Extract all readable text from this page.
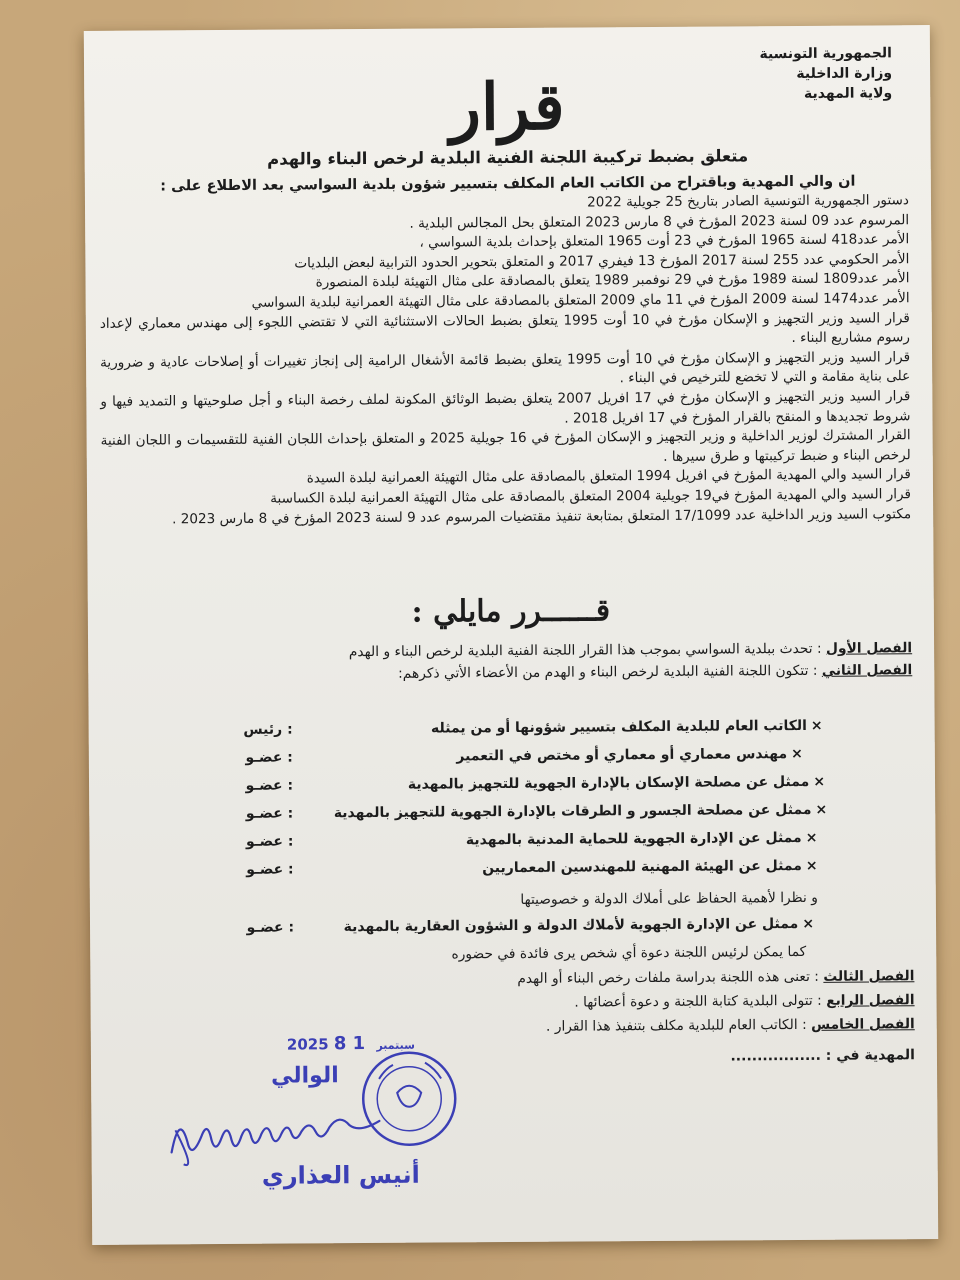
الجمهورية التونسية
وزارة الداخلية
ولاية المهدية
قرار
متعلق بضبط تركيبة اللجنة الفنية البلدية لرخص البناء والهدم
ان والي المهدية وباقتراح من الكاتب العام المكلف بتسيير شؤون بلدية السواسي بعد الاطلاع على :

دستور الجمهورية التونسية الصادر بتاريخ 25 جويلية 2022

المرسوم عدد 09 لسنة 2023 المؤرخ في 8 مارس 2023 المتعلق بحل المجالس البلدية .

الأمر عدد418 لسنة 1965 المؤرخ في 23 أوت 1965 المتعلق بإحداث بلدية السواسي ،

الأمر الحكومي عدد 255 لسنة 2017 المؤرخ 13 فيفري 2017 و المتعلق بتحوير الحدود الترابية لبعض البلديات

الأمر عدد1809 لسنة 1989 مؤرخ في 29 نوفمبر 1989 يتعلق بالمصادقة على مثال التهيئة لبلدة المنصورة

الأمر عدد1474 لسنة 2009 المؤرخ في 11 ماي 2009 المتعلق بالمصادقة على مثال التهيئة العمرانية لبلدية السواسي

قرار السيد وزير التجهيز و الإسكان مؤرخ في 10 أوت 1995 يتعلق بضبط الحالات الاستثنائية التي لا تقتضي اللجوء إلى مهندس معماري لإعداد رسوم مشاريع البناء .

قرار السيد وزير التجهيز و الإسكان مؤرخ في 10 أوت 1995 يتعلق بضبط قائمة الأشغال الرامية إلى إنجاز تغييرات أو إصلاحات عادية و ضرورية على بناية مقامة و التي لا تخضع للترخيص في البناء .

قرار السيد وزير التجهيز و الإسكان مؤرخ في 17 افريل 2007 يتعلق بضبط الوثائق المكونة لملف رخصة البناء و أجل صلوحيتها و التمديد فيها و شروط تجديدها و المنقح بالقرار المؤرخ في 17 افريل 2018 .

القرار المشترك لوزير الداخلية و وزير التجهيز و الإسكان المؤرخ في 16 جويلية 2025 و المتعلق بإحداث اللجان الفنية للتقسيمات و اللجان الفنية لرخص البناء و ضبط تركيبتها و طرق سيرها .

قرار السيد والي المهدية المؤرخ في افريل 1994 المتعلق بالمصادقة على مثال التهيئة العمرانية لبلدة السيدة

قرار السيد والي المهدية المؤرخ في19 جويلية 2004 المتعلق بالمصادقة على مثال التهيئة العمرانية لبلدة الكساسبة

مكتوب السيد وزير الداخلية عدد 17/1099 المتعلق بمتابعة تنفيذ مقتضيات المرسوم عدد 9 لسنة 2023 المؤرخ في 8 مارس 2023 .

قــــــرر مايلي :
الفصل الأول : تحدث ببلدية السواسي بموجب هذا القرار اللجنة الفنية البلدية لرخص البناء و الهدم
الفصل الثاني : تتكون اللجنة الفنية البلدية لرخص البناء و الهدم من الأعضاء الأتي ذكرهم:
×الكاتب العام للبلدية المكلف بتسيير شؤونها أو من يمثله
: رئيس
×مهندس معماري أو معماري أو مختص في التعمير
: عضـو
×ممثل عن مصلحة الإسكان بالإدارة الجهوية للتجهيز بالمهدية
: عضـو
×ممثل عن مصلحة الجسور و الطرقات بالإدارة الجهوية للتجهيز بالمهدية
: عضـو
×ممثل عن الإدارة الجهوية للحماية المدنية بالمهدية
: عضـو
×ممثل عن الهيئة المهنية للمهندسين المعماريين
: عضـو
و نظرا لأهمية الحفاظ على أملاك الدولة و خصوصيتها
×ممثل عن الإدارة الجهوية لأملاك الدولة و الشؤون العقارية بالمهدية
: عضـو
كما يمكن لرئيس اللجنة دعوة أي شخص يرى فائدة في حضوره
الفصل الثالث : تعنى هذه اللجنة بدراسة ملفات رخص البناء أو الهدم
الفصل الرابع : تتولى البلدية كتابة اللجنة و دعوة أعضائها .
الفصل الخامس : الكاتب العام للبلدية مكلف بتنفيذ هذا القرار .
المهدية في : .................
2025	سبتمبر 1 8
الوالي
أنيس العذاري
